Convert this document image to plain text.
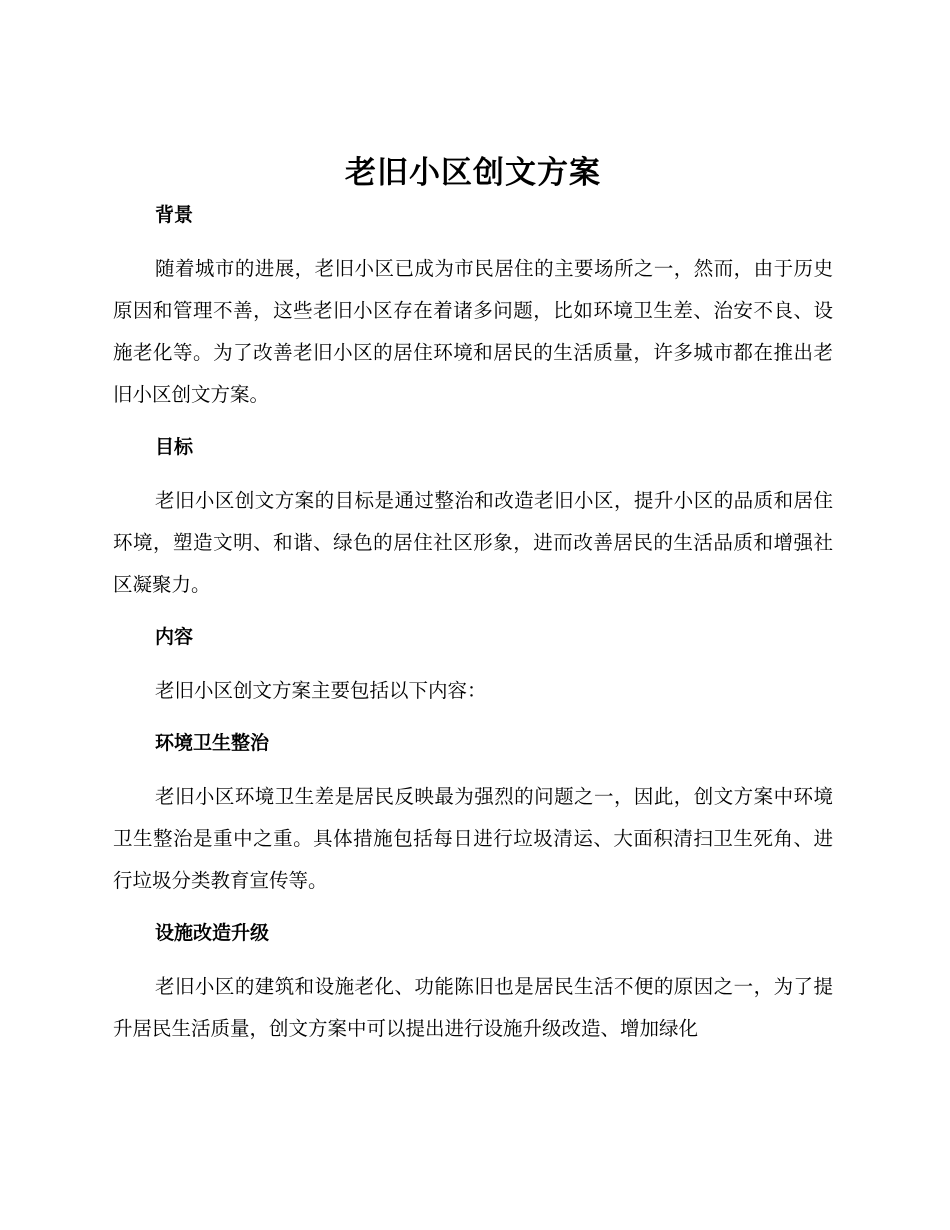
老旧小区创文方案
背景

随着城市的进展，老旧小区已成为市民居住的主要场所之一，然而，由于历史原因和管理不善，这些老旧小区存在着诸多问题，比如环境卫生差、治安不良、设施老化等。为了改善老旧小区的居住环境和居民的生活质量，许多城市都在推出老旧小区创文方案。

目标

老旧小区创文方案的目标是通过整治和改造老旧小区，提升小区的品质和居住环境，塑造文明、和谐、绿色的居住社区形象，进而改善居民的生活品质和增强社区凝聚力。

内容

老旧小区创文方案主要包括以下内容：

环境卫生整治

老旧小区环境卫生差是居民反映最为强烈的问题之一，因此，创文方案中环境卫生整治是重中之重。具体措施包括每日进行垃圾清运、大面积清扫卫生死角、进行垃圾分类教育宣传等。

设施改造升级

老旧小区的建筑和设施老化、功能陈旧也是居民生活不便的原因之一，为了提升居民生活质量，创文方案中可以提出进行设施升级改造、增加绿化
